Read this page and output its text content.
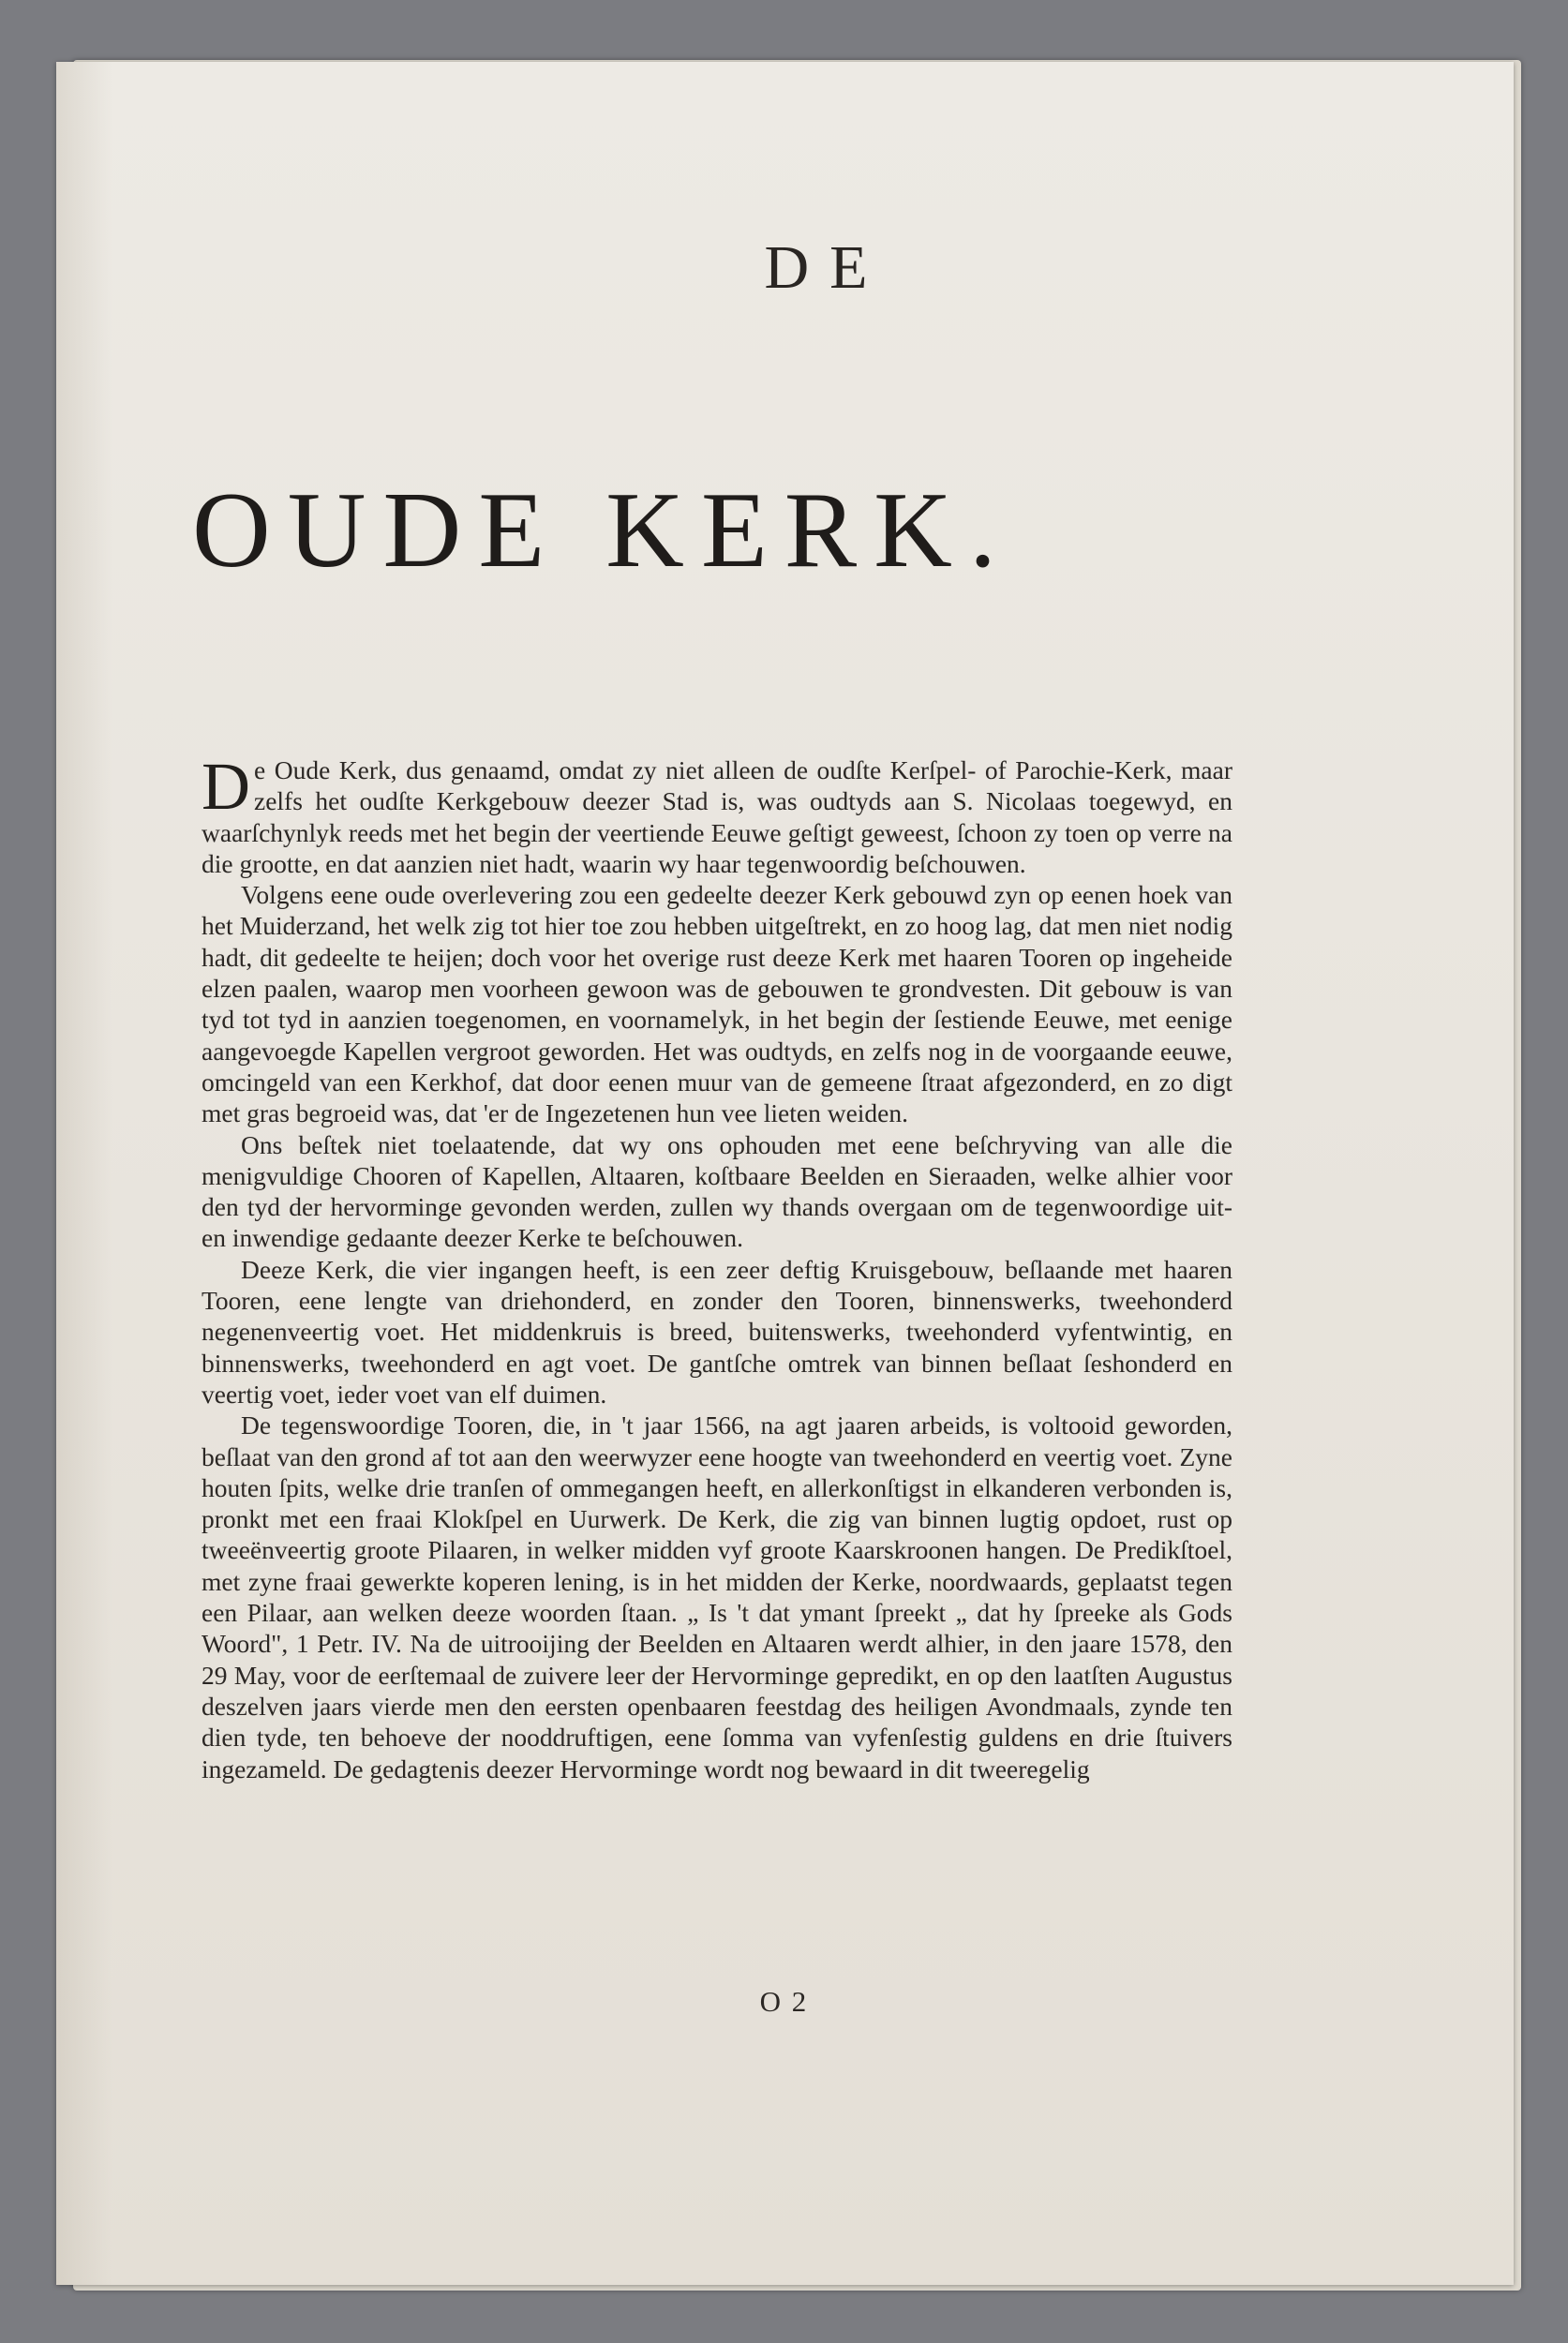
DE
OUDE KERK.

De Oude Kerk, dus genaamd, omdat zy niet alleen de oudſte Kerſpel- of Parochie-Kerk, maar zelfs het oudſte Kerkgebouw deezer Stad is, was oudtyds aan S. Nicolaas toegewyd, en waarſchynlyk reeds met het begin der veertiende Eeuwe geſtigt geweest, ſchoon zy toen op verre na die grootte, en dat aanzien niet hadt, waarin wy haar tegenwoordig beſchouwen.

Volgens eene oude overlevering zou een gedeelte deezer Kerk gebouwd zyn op eenen hoek van het Muiderzand, het welk zig tot hier toe zou hebben uitgeſtrekt, en zo hoog lag, dat men niet nodig hadt, dit gedeelte te heijen; doch voor het overige rust deeze Kerk met haaren Tooren op ingeheide elzen paalen, waarop men voorheen gewoon was de gebouwen te grondvesten. Dit gebouw is van tyd tot tyd in aanzien toegenomen, en voornamelyk, in het begin der ſestiende Eeuwe, met eenige aangevoegde Kapellen vergroot geworden. Het was oudtyds, en zelfs nog in de voorgaande eeuwe, omcingeld van een Kerkhof, dat door eenen muur van de gemeene ſtraat afgezonderd, en zo digt met gras begroeid was, dat 'er de Ingezetenen hun vee lieten weiden.

Ons beſtek niet toelaatende, dat wy ons ophouden met eene beſchryving van alle die menigvuldige Chooren of Kapellen, Altaaren, koſtbaare Beelden en Sieraaden, welke alhier voor den tyd der hervorminge gevonden werden, zullen wy thands overgaan om de tegenwoordige uit- en inwendige gedaante deezer Kerke te beſchouwen.

Deeze Kerk, die vier ingangen heeft, is een zeer deftig Kruisgebouw, beſlaande met haaren Tooren, eene lengte van driehonderd, en zonder den Tooren, binnenswerks, tweehonderd negenenveertig voet. Het middenkruis is breed, buitenswerks, tweehonderd vyfentwintig, en binnenswerks, tweehonderd en agt voet. De gantſche omtrek van binnen beſlaat ſeshonderd en veertig voet, ieder voet van elf duimen.

De tegenswoordige Tooren, die, in 't jaar 1566, na agt jaaren arbeids, is voltooid geworden, beſlaat van den grond af tot aan den weerwyzer eene hoogte van tweehonderd en veertig voet. Zyne houten ſpits, welke drie tranſen of ommegangen heeft, en allerkonſtigst in elkanderen verbonden is, pronkt met een fraai Klokſpel en Uurwerk. De Kerk, die zig van binnen lugtig opdoet, rust op tweeënveertig groote Pilaaren, in welker midden vyf groote Kaarskroonen hangen. De Predikſtoel, met zyne fraai gewerkte koperen lening, is in het midden der Kerke, noordwaards, geplaatst tegen een Pilaar, aan welken deeze woorden ſtaan. „ Is 't dat ymant ſpreekt „ dat hy ſpreeke als Gods Woord", 1 Petr. IV. Na de uitrooijing der Beelden en Altaaren werdt alhier, in den jaare 1578, den 29 May, voor de eerſtemaal de zuivere leer der Hervorminge gepredikt, en op den laatſten Augustus deszelven jaars vierde men den eersten openbaaren feestdag des heiligen Avondmaals, zynde ten dien tyde, ten behoeve der nooddruftigen, eene ſomma van vyfenſestig guldens en drie ſtuivers ingezameld. De gedagtenis deezer Hervorminge wordt nog bewaard in dit tweeregelig

O 2
